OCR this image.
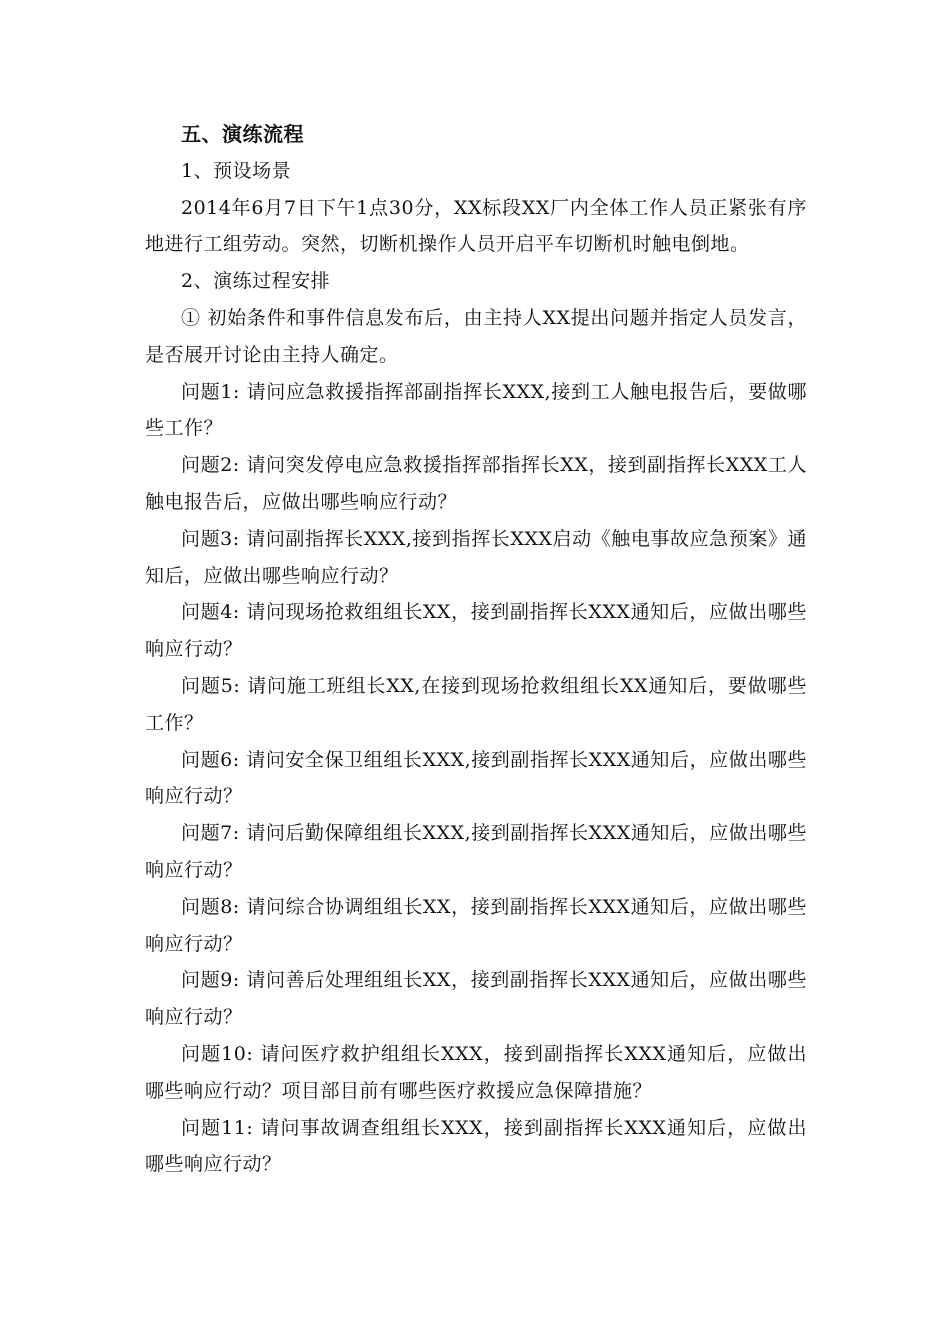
五、演练流程

1、预设场景

2014年6月7日下午1点30分，XX标段XX厂内全体工作人员正紧张有序地进行工组劳动。突然，切断机操作人员开启平车切断机时触电倒地。

2、演练过程安排

① 初始条件和事件信息发布后，由主持人XX提出问题并指定人员发言，是否展开讨论由主持人确定。

问题1: 请问应急救援指挥部副指挥长XXX,接到工人触电报告后，要做哪些工作？

问题2: 请问突发停电应急救援指挥部指挥长XX，接到副指挥长XXX工人触电报告后，应做出哪些响应行动？

问题3: 请问副指挥长XXX,接到指挥长XXX启动《触电事故应急预案》通知后，应做出哪些响应行动？

问题4: 请问现场抢救组组长XX，接到副指挥长XXX通知后，应做出哪些响应行动？

问题5: 请问施工班组长XX,在接到现场抢救组组长XX通知后，要做哪些工作？

问题6: 请问安全保卫组组长XXX,接到副指挥长XXX通知后，应做出哪些响应行动？

问题7: 请问后勤保障组组长XXX,接到副指挥长XXX通知后，应做出哪些响应行动？

问题8: 请问综合协调组组长XX，接到副指挥长XXX通知后，应做出哪些响应行动？

问题9: 请问善后处理组组长XX，接到副指挥长XXX通知后，应做出哪些响应行动？

问题10: 请问医疗救护组组长XXX，接到副指挥长XXX通知后，应做出哪些响应行动？项目部目前有哪些医疗救援应急保障措施？

问题11: 请问事故调查组组长XXX，接到副指挥长XXX通知后，应做出哪些响应行动？
